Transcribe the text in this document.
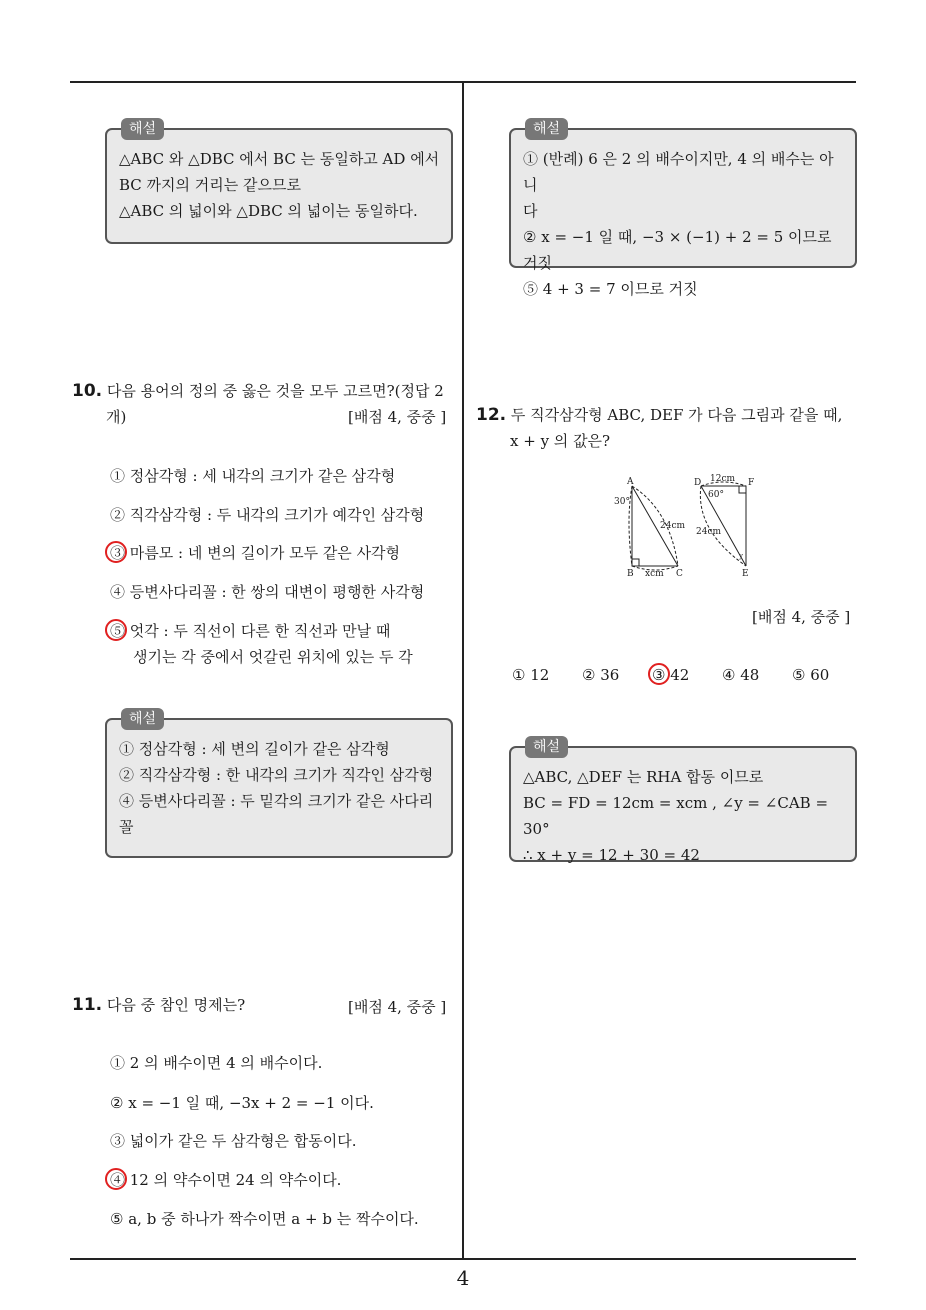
해설
△ABC 와 △DBC 에서 BC 는 동일하고 AD 에서
BC 까지의 거리는 같으므로
△ABC 의 넓이와 △DBC 의 넓이는 동일하다.
10. 다음 용어의 정의 중 옳은 것을 모두 고르면?(정답 2
개)	[배점 4, 중중 ]
① 정삼각형 : 세 내각의 크기가 같은 삼각형
② 직각삼각형 : 두 내각의 크기가 예각인 삼각형
③ 마름모 : 네 변의 길이가 모두 같은 사각형
④ 등변사다리꼴 : 한 쌍의 대변이 평행한 사각형
⑤ 엇각 : 두 직선이 다른 한 직선과 만날 때
생기는 각 중에서 엇갈린 위치에 있는 두 각
해설
① 정삼각형 : 세 변의 길이가 같은 삼각형
② 직각삼각형 : 한 내각의 크기가 직각인 삼각형
④ 등변사다리꼴 : 두 밑각의 크기가 같은 사다리
꼴
11. 다음 중 참인 명제는?	[배점 4, 중중 ]
① 2 의 배수이면 4 의 배수이다.
② x = −1 일 때, −3x + 2 = −1 이다.
③ 넓이가 같은 두 삼각형은 합동이다.
④ 12 의 약수이면 24 의 약수이다.
⑤ a, b 중 하나가 짝수이면 a + b 는 짝수이다.
해설
① (반례) 6 은 2 의 배수이지만, 4 의 배수는 아니
다
② x = −1 일 때, −3 × (−1) + 2 = 5 이므로 거짓
⑤ 4 + 3 = 7 이므로 거짓
12. 두 직각삼각형 ABC, DEF 가 다음 그림과 같을 때,
x + y 의 값은?
A
B	C
D
E
F
30°
60°
24cm
24cm
12cm
xcm
y
[배점 4, 중중 ]
① 12 ② 36 ③ 42 ④ 48 ⑤ 60
해설
△ABC, △DEF 는 RHA 합동 이므로
BC = FD = 12cm = xcm , ∠y = ∠CAB = 30°
∴ x + y = 12 + 30 = 42
4
